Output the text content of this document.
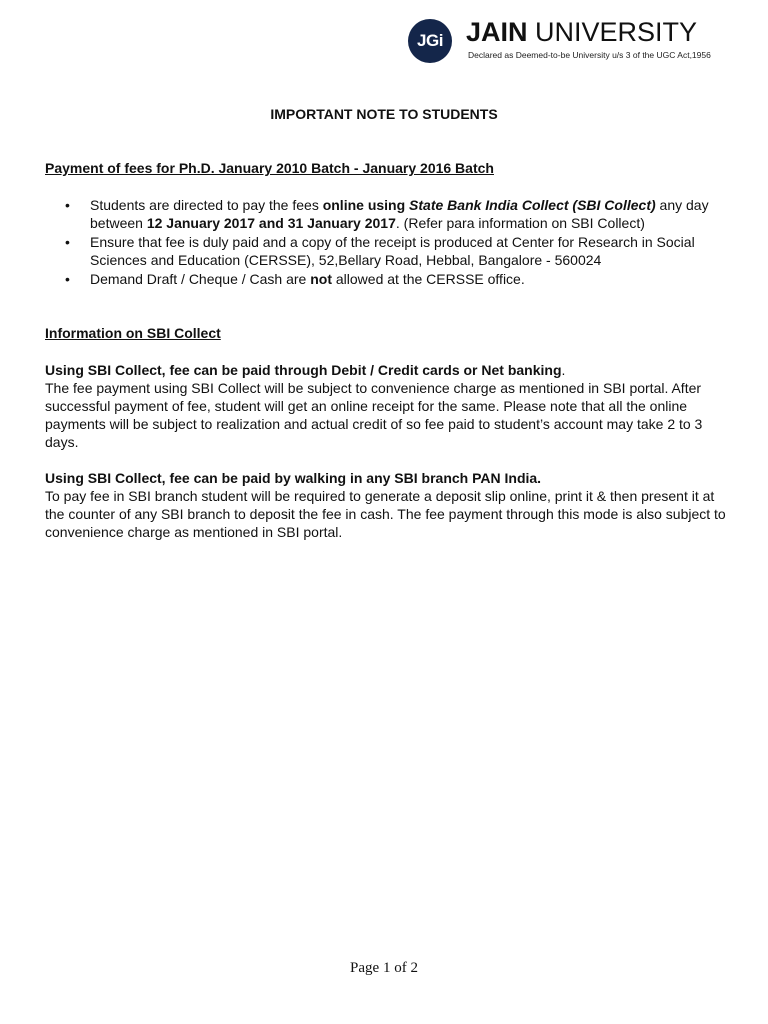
JGi JAIN UNIVERSITY
Declared as Deemed-to-be University u/s 3 of the UGC Act,1956
IMPORTANT NOTE TO STUDENTS
Payment of fees for Ph.D. January 2010 Batch - January 2016 Batch
• Students are directed to pay the fees online using State Bank India Collect (SBI Collect) any day between 12 January 2017 and 31 January 2017. (Refer para information on SBI Collect)
• Ensure that fee is duly paid and a copy of the receipt is produced at Center for Research in Social Sciences and Education (CERSSE), 52,Bellary Road, Hebbal, Bangalore - 560024
• Demand Draft / Cheque / Cash are not allowed at the CERSSE office.
Information on SBI Collect
Using SBI Collect, fee can be paid through Debit / Credit cards or Net banking.
The fee payment using SBI Collect will be subject to convenience charge as mentioned in SBI portal. After successful payment of fee, student will get an online receipt for the same. Please note that all the online payments will be subject to realization and actual credit of so fee paid to student’s account may take 2 to 3 days.
Using SBI Collect, fee can be paid by walking in any SBI branch PAN India.
To pay fee in SBI branch student will be required to generate a deposit slip online, print it & then present it at the counter of any SBI branch to deposit the fee in cash. The fee payment through this mode is also subject to convenience charge as mentioned in SBI portal.
Page 1 of 2
